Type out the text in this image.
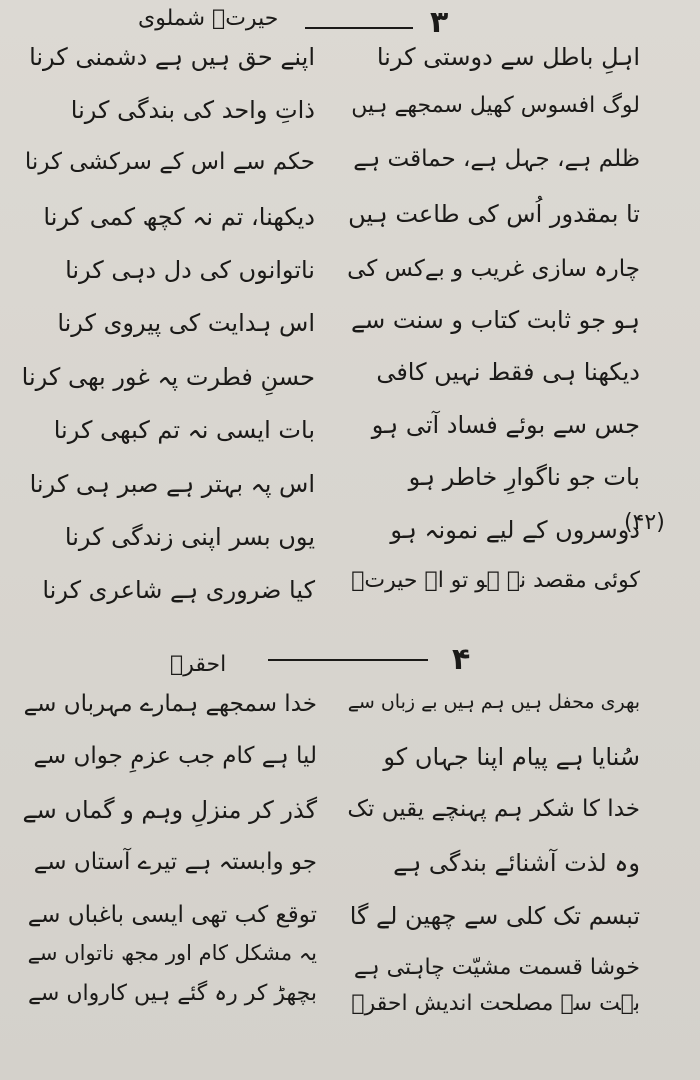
حیرتؔ شملوی	٣
اہلِ باطل سے دوستی کرنا
لوگ افسوس کھیل سمجھے ہیں
ظلم ہے، جہل ہے، حماقت ہے
تا بمقدور اُس کی طاعت ہیں
چارہ سازی غریب و بےکس کی
ہو جو ثابت کتاب و سنت سے
دیکھنا ہی فقط نہیں کافی
جس سے بوئے فساد آتی ہو
بات جو ناگوارِ خاطر ہو
دوسروں کے لیے نمونہ ہو
کوئی مقصد نہ ہو تو اے حیرتؔ
اپنے حق ہیں ہے دشمنی کرنا
ذاتِ واحد کی بندگی کرنا
حکم سے اس کے سرکشی کرنا
دیکھنا، تم نہ کچھ کمی کرنا
ناتوانوں کی دل دہی کرنا
اس ہدایت کی پیروی کرنا
حسنِ فطرت پہ غور بھی کرنا
بات ایسی نہ تم کبھی کرنا
اس پہ بہتر ہے صبر ہی کرنا
یوں بسر اپنی زندگی کرنا
کیا ضروری ہے شاعری کرنا
(۴۲)
احقرؔ	۴
بھری محفل ہیں ہم ہیں بے زباں سے
سُنایا ہے پیام اپنا جہاں کو
خدا کا شکر ہم پہنچے یقیں تک
وہ لذت آشنائے بندگی ہے
تبسم تک کلی سے چھین لے گا
خوشا قسمت مشیّت چاہتی ہے
بہت سے مصلحت اندیش احقرؔ
خدا سمجھے ہمارے مہرباں سے
لیا ہے کام جب عزمِ جواں سے
گذر کر منزلِ وہم و گماں سے
جو وابستہ ہے تیرے آستاں سے
توقع کب تھی ایسی باغباں سے
یہ مشکل کام اور مجھ ناتواں سے
بچھڑ کر رہ گئے ہیں کارواں سے
